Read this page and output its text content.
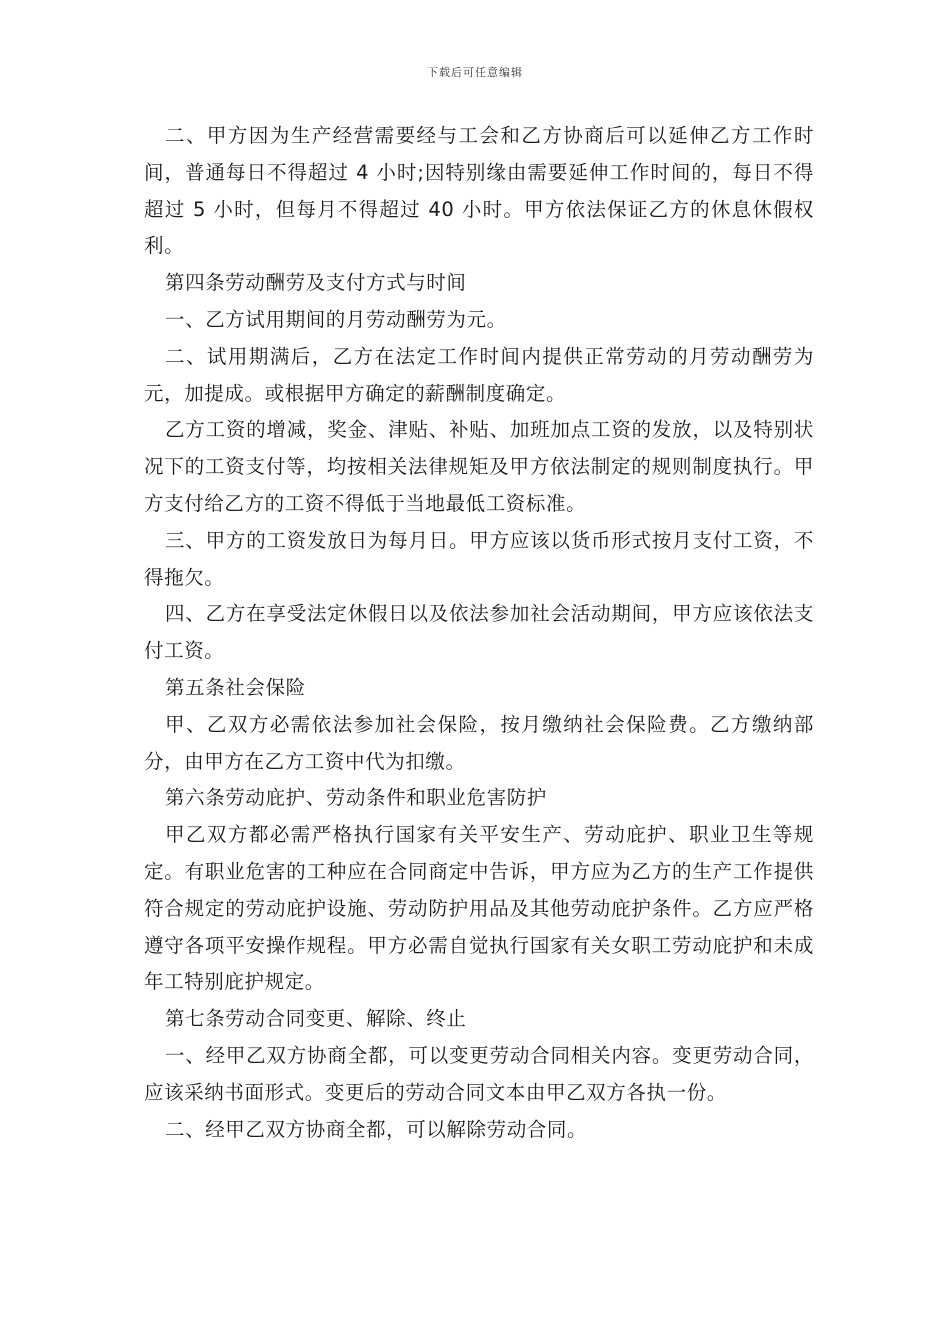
下载后可任意编辑

二、甲方因为生产经营需要经与工会和乙方协商后可以延伸乙方工作时间，普通每日不得超过 4 小时;因特别缘由需要延伸工作时间的，每日不得超过 5 小时，但每月不得超过 40 小时。甲方依法保证乙方的休息休假权利。

第四条劳动酬劳及支付方式与时间

一、乙方试用期间的月劳动酬劳为元。

二、试用期满后，乙方在法定工作时间内提供正常劳动的月劳动酬劳为元，加提成。或根据甲方确定的薪酬制度确定。

乙方工资的增减，奖金、津贴、补贴、加班加点工资的发放，以及特别状况下的工资支付等，均按相关法律规矩及甲方依法制定的规则制度执行。甲方支付给乙方的工资不得低于当地最低工资标准。

三、甲方的工资发放日为每月日。甲方应该以货币形式按月支付工资，不得拖欠。

四、乙方在享受法定休假日以及依法参加社会活动期间，甲方应该依法支付工资。

第五条社会保险

甲、乙双方必需依法参加社会保险，按月缴纳社会保险费。乙方缴纳部分，由甲方在乙方工资中代为扣缴。

第六条劳动庇护、劳动条件和职业危害防护

甲乙双方都必需严格执行国家有关平安生产、劳动庇护、职业卫生等规定。有职业危害的工种应在合同商定中告诉，甲方应为乙方的生产工作提供符合规定的劳动庇护设施、劳动防护用品及其他劳动庇护条件。乙方应严格遵守各项平安操作规程。甲方必需自觉执行国家有关女职工劳动庇护和未成年工特别庇护规定。

第七条劳动合同变更、解除、终止

一、经甲乙双方协商全都，可以变更劳动合同相关内容。变更劳动合同，应该采纳书面形式。变更后的劳动合同文本由甲乙双方各执一份。

二、经甲乙双方协商全都，可以解除劳动合同。
